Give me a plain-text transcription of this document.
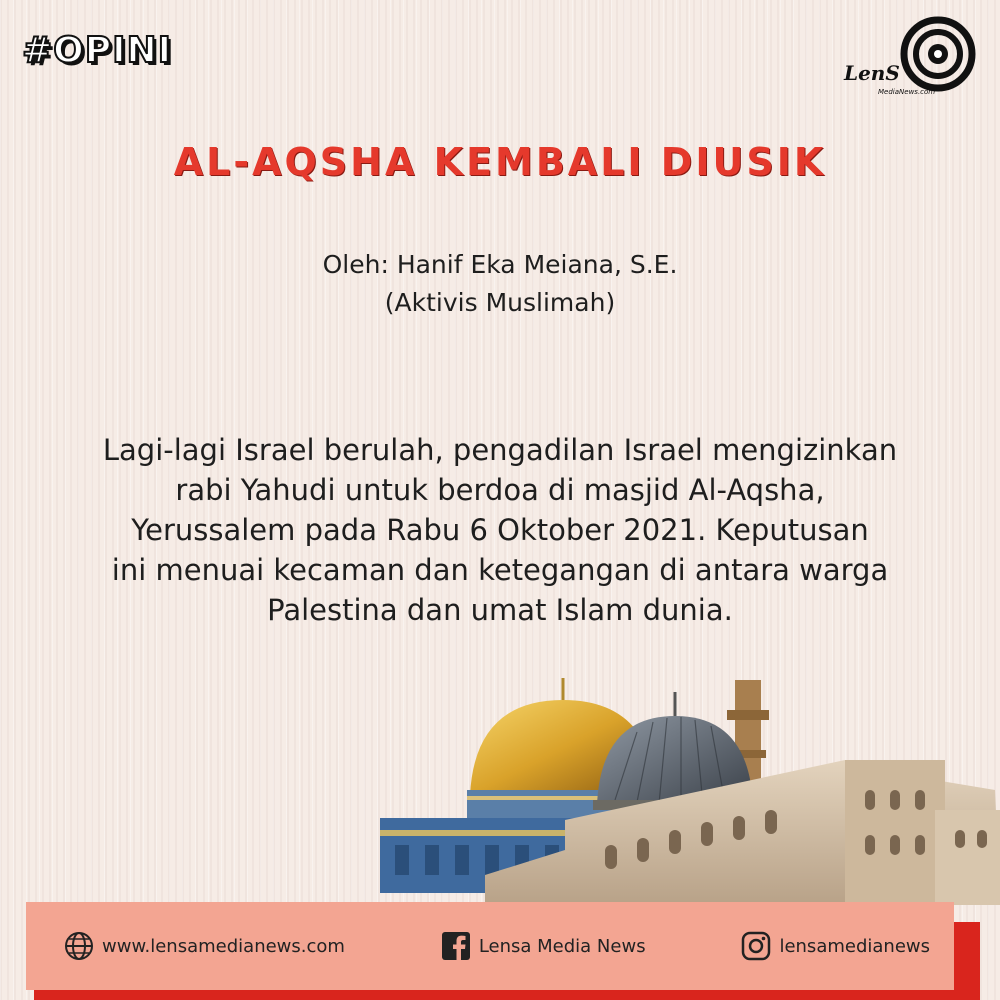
#OPINI
LenS
MediaNews.com
AL-AQSHA KEMBALI DIUSIK
Oleh: Hanif Eka Meiana, S.E.
(Aktivis Muslimah)
Lagi-lagi Israel berulah, pengadilan Israel mengizinkan
rabi Yahudi untuk berdoa di masjid Al-Aqsha,
Yerussalem pada Rabu 6 Oktober 2021. Keputusan
ini menuai kecaman dan ketegangan di antara warga
Palestina dan umat Islam dunia.
www.lensamedianews.com	Lensa Media News	lensamedianews
